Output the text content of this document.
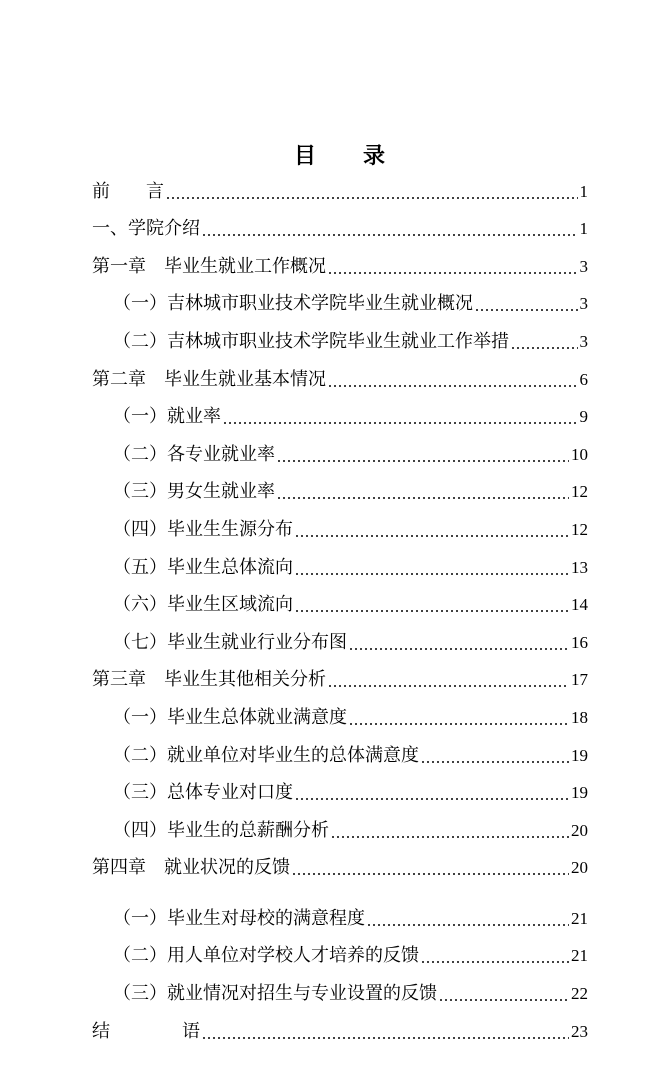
目　　录
前　　言	1
一、学院介绍	1
第一章　毕业生就业工作概况	3
（一）吉林城市职业技术学院毕业生就业概况	3
（二）吉林城市职业技术学院毕业生就业工作举措	3
第二章　毕业生就业基本情况	6
（一）就业率	9
（二）各专业就业率	10
（三）男女生就业率	12
（四）毕业生生源分布	12
（五）毕业生总体流向	13
（六）毕业生区域流向	14
（七）毕业生就业行业分布图	16
第三章　毕业生其他相关分析	17
（一）毕业生总体就业满意度	18
（二）就业单位对毕业生的总体满意度	19
（三）总体专业对口度	19
（四）毕业生的总薪酬分析	20
第四章　就业状况的反馈	20
（一）毕业生对母校的满意程度	21
（二）用人单位对学校人才培养的反馈	21
（三）就业情况对招生与专业设置的反馈	22
结　　　　语	23
